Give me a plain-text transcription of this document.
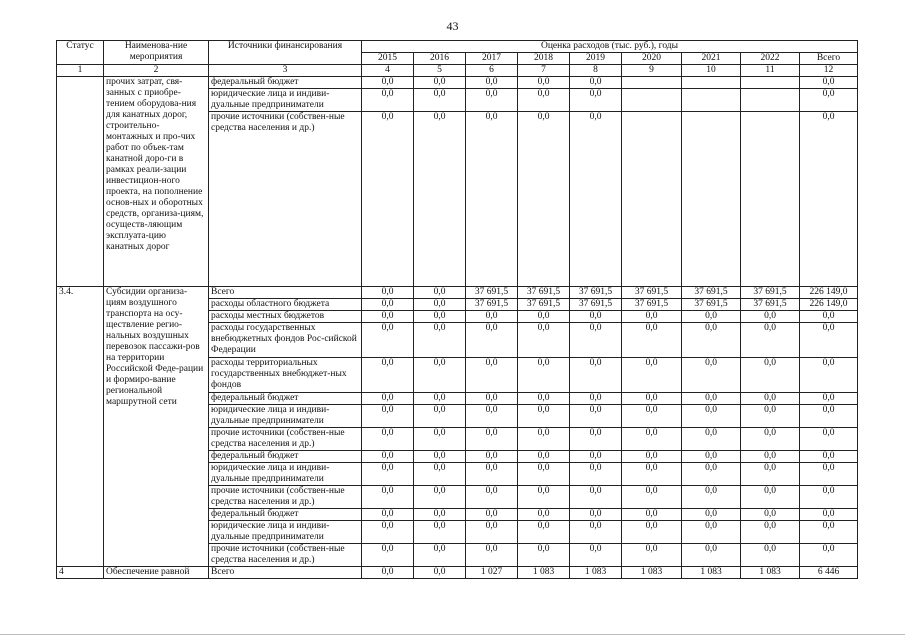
43
Статус	Наименова-ние мероприятия	Источники финансирования	Оценка расходов (тыс. руб.), годы								
			2015	2016	2017	2018	2019	2020	2021	2022	Всего
1	2	3	4	5	6	7	8	9	10	11	12
	прочих затрат, свя-занных с приобре-тением оборудова-ния для канатных дорог, строительно-монтажных и про-чих работ по объек-там канатной доро-ги в рамках реали-зации инвестицион-ного проекта, на пополнение основ-ных и оборотных средств, организа-циям, осуществ-ляющим эксплуата-цию канатных дорог	федеральный бюджет	0,0	0,0	0,0	0,0	0,0				0,0
		юридические лица и индиви-дуальные предприниматели	0,0	0,0	0,0	0,0	0,0				0,0
		прочие источники (собствен-ные средства населения и др.)	0,0	0,0	0,0	0,0	0,0				0,0
3.4.	Субсидии организа-циям воздушного транспорта на осу-ществление регио-нальных воздушных перевозок пассажи-ров на территории Российской Феде-рации и формиро-вание региональной маршрутной сети	Всего	0,0	0,0	37 691,5	37 691,5	37 691,5	37 691,5	37 691,5	37 691,5	226 149,0
		расходы областного бюджета	0,0	0,0	37 691,5	37 691,5	37 691,5	37 691,5	37 691,5	37 691,5	226 149,0
		расходы местных бюджетов	0,0	0,0	0,0	0,0	0,0	0,0	0,0	0,0	0,0
		расходы государственных внебюджетных фондов Рос-сийской Федерации	0,0	0,0	0,0	0,0	0,0	0,0	0,0	0,0	0,0
		расходы территориальных государственных внебюджет-ных фондов	0,0	0,0	0,0	0,0	0,0	0,0	0,0	0,0	0,0
		федеральный бюджет	0,0	0,0	0,0	0,0	0,0	0,0	0,0	0,0	0,0
		юридические лица и индиви-дуальные предприниматели	0,0	0,0	0,0	0,0	0,0	0,0	0,0	0,0	0,0
		прочие источники (собствен-ные средства населения и др.)	0,0	0,0	0,0	0,0	0,0	0,0	0,0	0,0	0,0
		федеральный бюджет	0,0	0,0	0,0	0,0	0,0	0,0	0,0	0,0	0,0
		юридические лица и индиви-дуальные предприниматели	0,0	0,0	0,0	0,0	0,0	0,0	0,0	0,0	0,0
		прочие источники (собствен-ные средства населения и др.)	0,0	0,0	0,0	0,0	0,0	0,0	0,0	0,0	0,0
		федеральный бюджет	0,0	0,0	0,0	0,0	0,0	0,0	0,0	0,0	0,0
		юридические лица и индиви-дуальные предприниматели	0,0	0,0	0,0	0,0	0,0	0,0	0,0	0,0	0,0
		прочие источники (собствен-ные средства населения и др.)	0,0	0,0	0,0	0,0	0,0	0,0	0,0	0,0	0,0
4	Обеспечение равной	Всего	0,0	0,0	1 027	1 083	1 083	1 083	1 083	1 083	6 446
